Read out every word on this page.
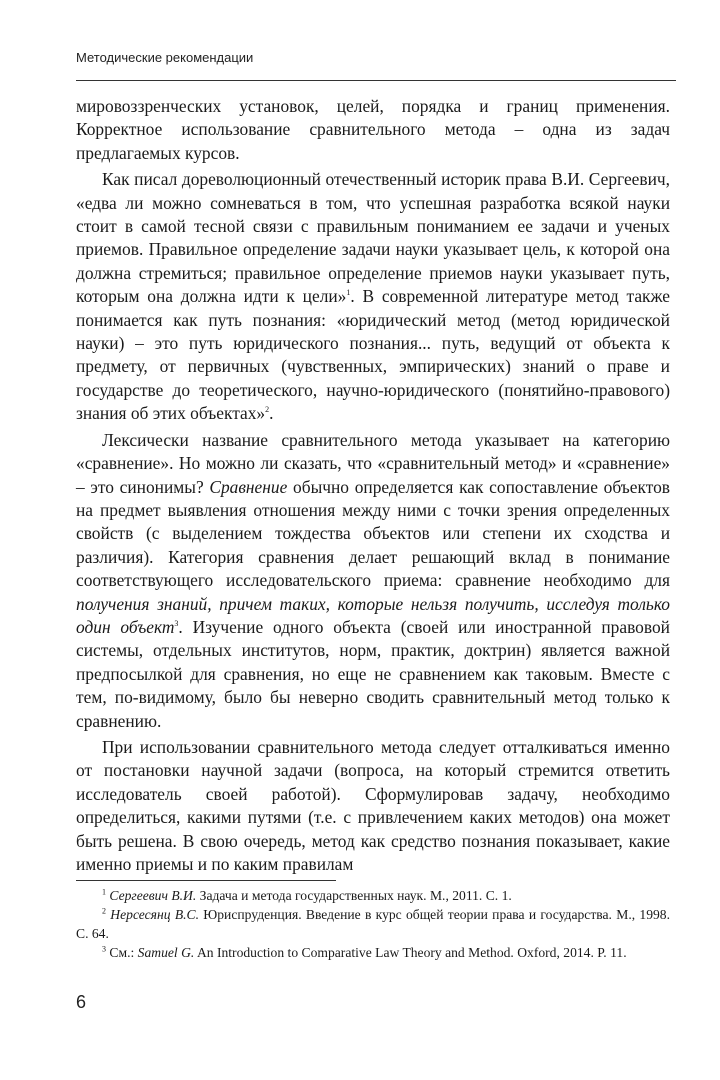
Методические рекомендации

мировоззренческих установок, целей, порядка и границ применения. Корректное использование сравнительного метода – одна из задач предлагаемых курсов.

Как писал дореволюционный отечественный историк права В.И. Сергеевич, «едва ли можно сомневаться в том, что успешная разработка всякой науки стоит в самой тесной связи с правильным пониманием ее задачи и ученых приемов. Правильное определение задачи науки указывает цель, к которой она должна стремиться; правильное определение приемов науки указывает путь, которым она должна идти к цели»$^1$. В современной литературе метод также понимается как путь познания: «юридический метод (метод юридической науки) – это путь юридического познания... путь, ведущий от объекта к предмету, от первичных (чувственных, эмпирических) знаний о праве и государстве до теоретического, научно-юридического (понятийно-правового) знания об этих объектах»$^2$.

Лексически название сравнительного метода указывает на категорию «сравнение». Но можно ли сказать, что «сравнительный метод» и «сравнение» – это синонимы? Сравнение обычно определяется как сопоставление объектов на предмет выявления отношения между ними с точки зрения определенных свойств (с выделением тождества объектов или степени их сходства и различия). Категория сравнения делает решающий вклад в понимание соответствующего исследовательского приема: сравнение необходимо для получения знаний, причем таких, которые нельзя получить, исследуя только один объект$^3$. Изучение одного объекта (своей или иностранной правовой системы, отдельных институтов, норм, практик, доктрин) является важной предпосылкой для сравнения, но еще не сравнением как таковым. Вместе с тем, по-видимому, было бы неверно сводить сравнительный метод только к сравнению.

При использовании сравнительного метода следует отталкиваться именно от постановки научной задачи (вопроса, на который стремится ответить исследователь своей работой). Сформулировав задачу, необходимо определиться, какими путями (т.е. с привлечением каких методов) она может быть решена. В свою очередь, метод как средство познания показывает, какие именно приемы и по каким правилам

$^1$ Сергеевич В.И. Задача и метода государственных наук. М., 2011. С. 1.

$^2$ Нерсесянц В.С. Юриспруденция. Введение в курс общей теории права и государства. М., 1998. С. 64.

$^3$ См.: Samuel G. An Introduction to Comparative Law Theory and Method. Oxford, 2014. P. 11.

6
